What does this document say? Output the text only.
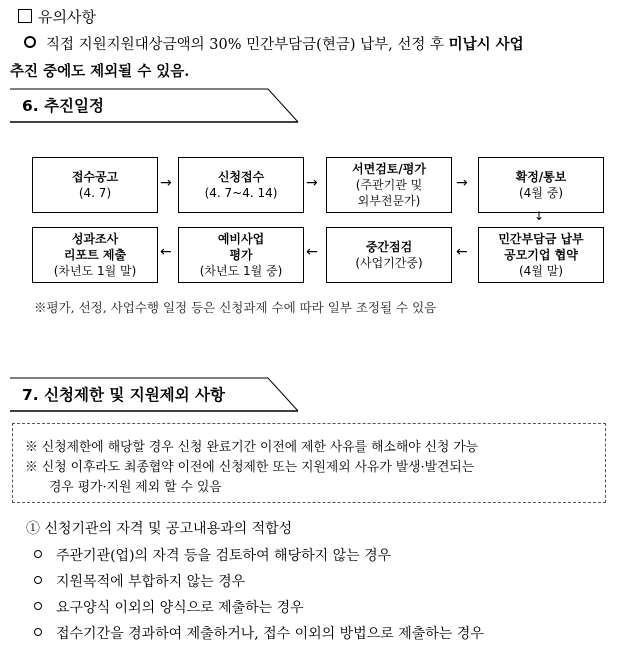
유의사항
직접 지원지원대상금액의 30% 민간부담금(현금) 납부, 선정 후 미납시 사업
추진 중에도 제외될 수 있음.
6. 추진일정
접수공고
(4. 7)
→	신청접수
(4. 7~4. 14)
→
서면검토/평가
(주관기관 및
외부전문가)
→	확정/통보
(4월 중)
↓
성과조사
리포트 제출
(차년도 1월 말)
←
예비사업
평가
(차년도 1월 중)
←	중간점검
(사업기간중)
←
민간부담금 납부
공모기업 협약
(4월 말)
※평가, 선정, 사업수행 일정 등은 신청과제 수에 따라 일부 조정될 수 있음
7. 신청제한 및 지원제외 사항
※ 신청제한에 해당할 경우 신청 완료기간 이전에 제한 사유를 해소해야 신청 가능
※ 신청 이후라도 최종협약 이전에 신청제한 또는 지원제외 사유가 발생·발견되는
경우 평가·지원 제외 할 수 있음
① 신청기관의 자격 및 공고내용과의 적합성
주관기관(업)의 자격 등을 검토하여 해당하지 않는 경우
지원목적에 부합하지 않는 경우
요구양식 이외의 양식으로 제출하는 경우
접수기간을 경과하여 제출하거나, 접수 이외의 방법으로 제출하는 경우
